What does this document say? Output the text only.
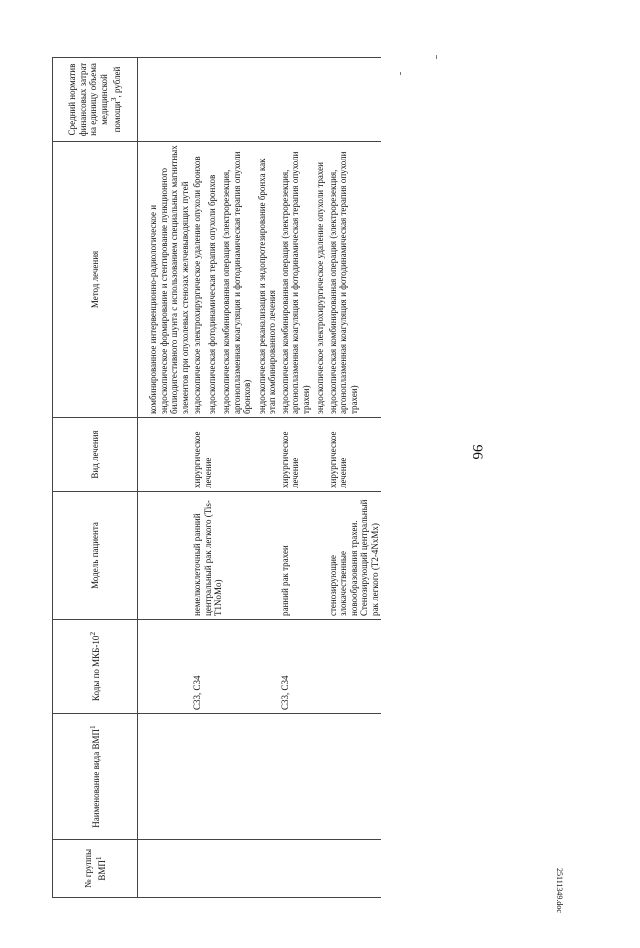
96
№ группы ВМП$^1$	Наименование вида ВМП$^1$	Коды по МКБ-$10^2$	Модель пациента	Вид лечения	Метод лечения	Средний норматив финансовых затрат на единицу объема медицинской помощи$^3$, рублей
					комбинированное интервенционно-радиологическое и эндоскопическое формирование и стентирование пункционного билиодигестивного шунта с использованием специальных магнитных элементов при опухолевых стенозах желчевыводящих путей	
		C33, C34	немелкоклеточный ранний центральный рак легкого (Tis-T1NoMo)	хирургическое лечение	эндоскопическое электрохирургическое удаление опухоли бронхов эндоскопическая фотодинамическая терапия опухоли бронхов эндоскопическая комбинированная операция (электрорезекция, аргоноплазменная коагуляция и фотодинамическая терапия опухоли бронхов) эндоскопическая реканализация и эндопротезирование бронха как этап комбинированного лечения	

		C33, C34	ранний рак трахеи	хирургическое лечение	эндоскопическая комбинированная операция (электрорезекция, аргоноплазменная коагуляция и фотодинамическая терапия опухоли трахеи) эндоскопическое электрохирургическое удаление опухоли трахеи	

			стенозирующие злокачественные новообразования трахеи. Стенозирующий центральный рак легкого (T2-4NxMx)	хирургическое лечение	эндоскопическая комбинированная операция (электрорезекция, аргоноплазменная коагуляция и фотодинамическая терапия опухоли трахеи)	

25111349.doc
